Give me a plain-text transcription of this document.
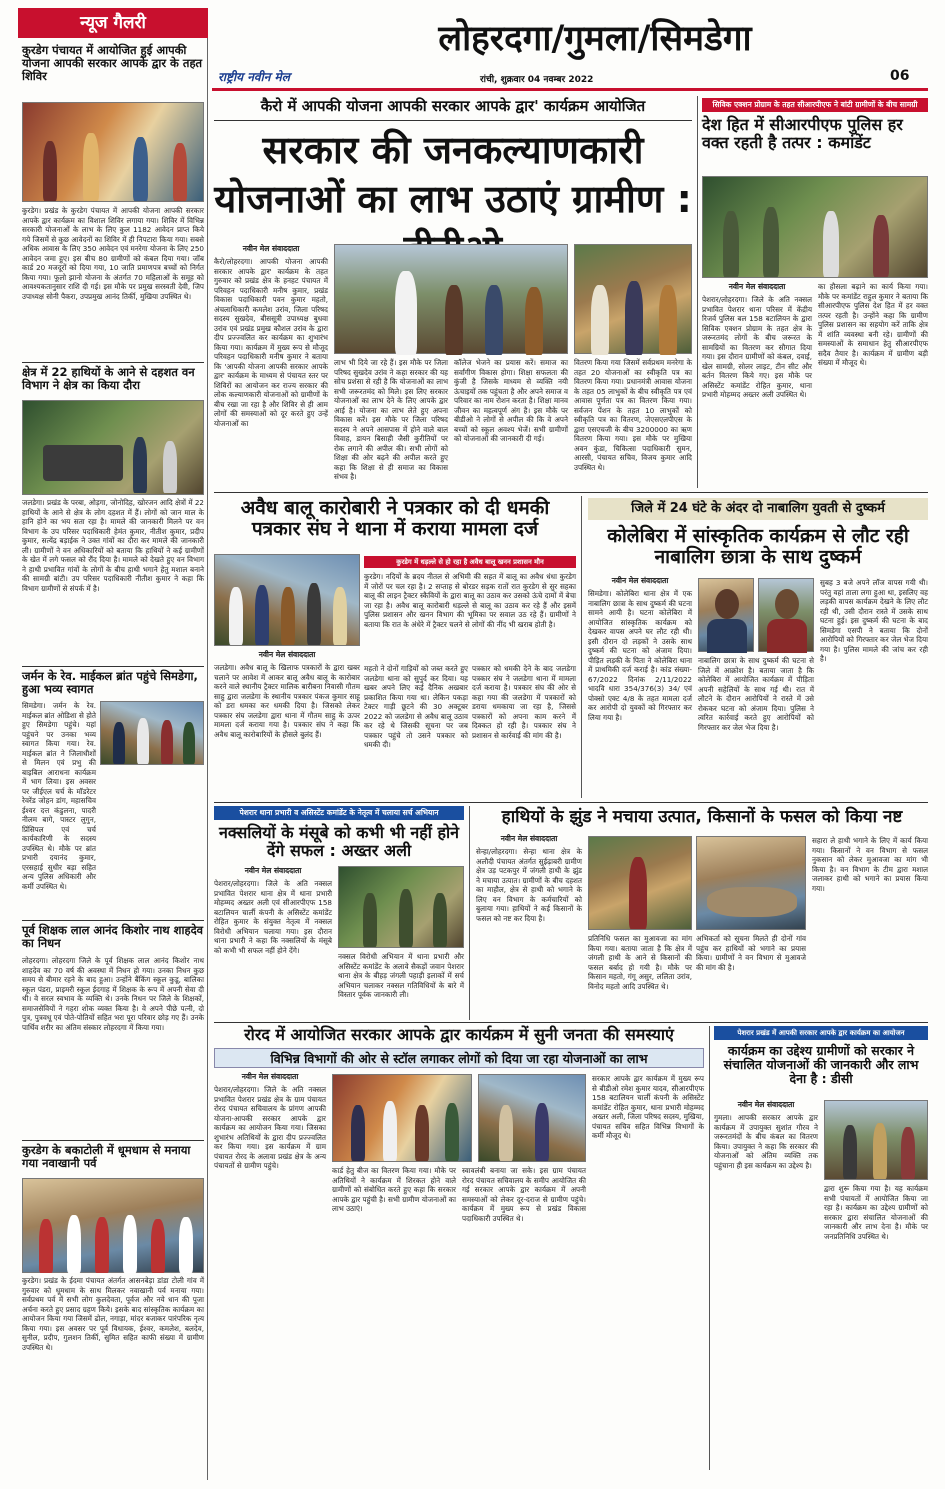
न्यूज गैलरी
कुरडेग पंचायत में आयोजित हुई आपकी योजना आपकी सरकार आपके द्वार के तहत शिविर
कुरडेग। प्रखंड के कुरडेग पंचायत में आपकी योजना आपकी सरकार आपके द्वार कार्यक्रम का विशाल शिविर लगाया गया। शिविर में विभिन्न सरकारी योजनाओं के लाभ के लिए कुल 1182 आवेदन प्राप्त किये गये जिसमें से कुछ आवेदनों का शिविर में ही निपटारा किया गया। सबसे अधिक आवास के लिए 350 आवेदन एवं मनरेगा योजना के लिए 250 आवेदन जमा हुए। इस बीच 80 ग्रामीणों को कंबल दिया गया। जॉब कार्ड 20 मजदूरों को दिया गया, 10 जाति प्रमाणपत्र बच्चों को निर्गत किया गया। फूलो झानो योजना के अंतर्गत 70 महिलाओं के समूह को आवश्यकतानुसार राशि दी गई। इस मौके पर प्रमुख सरस्वती देवी, जिप उपाध्यक्ष सोनी पैकरा, उपप्रमुख आनंद तिर्की, मुखिया उपस्थित थे।
क्षेत्र में 22 हाथियों के आने से दहशत वन विभाग ने क्षेत्र का किया दौरा
जलडेगा। प्रखंड के परबा, ओड़गा, जोनोदिह, खोरजन आदि क्षेत्रों में 22 हाथियों के आने से क्षेत्र के लोग दहशत में हैं। लोगों को जान माल के हानि होने का भय सता रहा है। मामले की जानकारी मिलने पर वन विभाग के उप परिसर पदाधिकारी हेमंत कुमार, नीतीश कुमार, प्रदीप कुमार, सत्येंद्र बड़ाईक ने उक्त गांवों का दौरा कर मामले की जानकारी ली। ग्रामीणों ने वन अधिकारियों को बताया कि हाथियों ने कई ग्रामीणों के खेत में लगे फसल को रौंद दिया है। मामले को देखते हुए वन विभाग ने हाथी प्रभावित गांवों के लोगों के बीच हाथी भगाने हेतु मशाल बनाने की सामग्री बांटी। उप परिसर पदाधिकारी नीतीश कुमार ने कहा कि विभाग ग्रामीणों से संपर्क में है।
जर्मन के रेव. माईकल ब्रांत पहुंचे सिमडेगा, हुआ भव्य स्वागत
सिमडेगा। जर्मन के रेव. माईकल ब्रांत ओडिशा से होते हुए सिमडेगा पहुंचे। यहां पहुंचने पर उनका भव्य स्वागत किया गया। रेव. माईकल ब्रांत ने जिलाधीशों से मिलन एवं प्रभु की बाइबिल आराधना कार्यक्रम में भाग लिया। इस अवसर पर जीईएल चर्च के मॉडरेटर रेवरेंड जोहन डांग, महासचिव ईश्वर दत्त कंडुलना, पादरी नीलम बागे, पास्टर लुगुन, प्रिंसिपल एवं चर्च कार्यकारिणी के सदस्य उपस्थित थे। मौके पर ब्रांत प्रभारी दयानंद कुमार, एरसहाई सुधीर बड़ा सहित अन्य पुलिस अधिकारी और कर्मी उपस्थित थे।
पूर्व शिक्षक लाल आनंद किशोर नाथ शाहदेव का निधन
लोहरदगा। लोहरदगा जिले के पूर्व शिक्षक लाल आनंद किशोर नाथ शाहदेव का 70 वर्ष की अवस्था में निधन हो गया। उनका निधन कुछ समय से बीमार रहने के बाद हुआ। उन्होंने बैंकिंग स्कूल कुडू, बालिका स्कूल पंडरा, प्राइमरी स्कूल ईदगाह में शिक्षक के रूप में अपनी सेवा दी थी। वे सरल स्वभाव के व्यक्ति थे। उनके निधन पर जिले के शिक्षकों, समाजसेवियों ने गहरा शोक व्यक्त किया है। वे अपने पीछे पत्नी, दो पुत्र, पुत्रवधू एवं पोते-पोतियों सहित भरा पूरा परिवार छोड़ गए हैं। उनके पार्थिव शरीर का अंतिम संस्कार लोहरदगा में किया गया।
कुरडेग के बकाटोली में धूमधाम से मनाया गया नवाखानी पर्व
कुरडेग। प्रखंड के ईदमा पंचायत अंतर्गत आसनबेड़ा डांडा टोली गांव में गुरुवार को धूमधाम के साथ मिलकर नवाखानी पर्व मनाया गया। सर्वप्रथम पर्व में सभी लोग कुलदेवता, पूर्वज और नये धान की पूजा अर्चना करते हुए प्रसाद ग्रहण किये। इसके बाद सांस्कृतिक कार्यक्रम का आयोजन किया गया जिसमें ढोल, नगाड़ा, मांदर बजाकर पारंपरिक नृत्य किया गया। इस अवसर पर पूर्व विधायक, ईश्वर, कमलेश, बलदेव, सुनील, प्रदीप, गुलशन तिर्की, सुमित सहित काफी संख्या में ग्रामीण उपस्थित थे।
लोहरदगा/गुमला/सिमडेगा
राष्ट्रीय नवीन मेल	रांची, शुक्रवार 04 नवम्बर 2022	06
कैरो में आपकी योजना आपकी सरकार आपके द्वार' कार्यक्रम आयोजित
सरकार की जनकल्याणकारी योजनाओं का लाभ उठाएं ग्रामीण :
नवीन मेल संवाददाता
कैरो/लोहरदगा। आपकी योजना आपकी सरकार आपके द्वार' कार्यक्रम के तहत गुरुवार को प्रखंड क्षेत्र के हनहट पंचायत में परिवहन पदाधिकारी मनीष कुमार, प्रखंड विकास पदाधिकारी पवन कुमार महतो, अंचलाधिकारी कमलेश उरांव, जिला परिषद सदस्य सुखदेव, बीससूत्री उपाध्यक्ष बुधवा उरांव एवं प्रखंड प्रमुख कौशल उरांव के द्वारा दीप प्रज्ज्वलित कर कार्यक्रम का शुभारंभ किया गया। कार्यक्रम में मुख्य रूप से मौजूद परिवहन पदाधिकारी मनीष कुमार ने बताया कि 'आपकी योजना आपकी सरकार आपके द्वार' कार्यक्रम के माध्यम से पंचायत स्तर पर शिविरों का आयोजन कर राज्य सरकार की लोक कल्याणकारी योजनाओं को ग्रामीणों के बीच रखा जा रहा है और शिविर से ही आम लोगों की समस्याओं को दूर करते हुए उन्हें योजनाओं का
लाभ भी दिये जा रहे हैं। इस मौके पर जिला परिषद सुखदेव उरांव ने कहा सरकार की यह सोच प्रशंसा से रही है कि योजनाओं का लाभ सभी जरूरतमंद को मिले। इस लिए सरकार योजनाओं का लाभ देने के लिए आपके द्वार आई है। योजना का लाभ लेते हुए अपना विकास करें। इस मौके पर जिला परिषद सदस्य ने अपने आसपास में होने वाले बाल विवाह, डायन बिसाही जैसी कुरीतियों पर रोक लगाने की अपील की। सभी लोगों को शिक्षा की ओर बढ़ने की अपील करते हुए कहा कि शिक्षा से ही समाज का विकास संभव है।
कॉलेज भेजने का प्रयास करें। समाज का सर्वांगीण विकास होगा। शिक्षा सफलता की कुंजी है जिसके माध्यम से व्यक्ति नयी ऊंचाइयों तक पहुंचता है और अपने समाज व परिवार का नाम रोशन करता है। शिक्षा मानव जीवन का महत्वपूर्ण अंग है। इस मौके पर बीडीओ ने लोगों से अपील की कि वे अपने बच्चों को स्कूल अवश्य भेजें। सभी ग्रामीणों को योजनाओं की जानकारी दी गई।
वितरण किया गया जिसमें सर्वप्रथम मनरेगा के तहत 20 योजनाओं का स्वीकृति पत्र का वितरण किया गया। प्रधानमंत्री आवास योजना के तहत 05 लाभुकों के बीच स्वीकृति पत्र एवं आवास पूर्णता पत्र का वितरण किया गया। सर्वजन पेंशन के तहत 10 लाभुकों को स्वीकृति पत्र का वितरण, जेएसएलपीएस के द्वारा एसएचजी के बीच 3200000 का ऋण वितरण किया गया। इस मौके पर मुखिया अवन कुंडा, चिकित्सा पदाधिकारी सुमन, आरसी, पंचायत सचिव, विजय कुमार आदि उपस्थित थे।
सिविक एक्शन प्रोग्राम के तहत सीआरपीएफ ने बांटी ग्रामीणों के बीच सामग्री
देश हित में सीआरपीएफ पुलिस हर वक्त रहती है तत्पर : कमांडेंट
नवीन मेल संवाददाता
पेशरार/लोहरदगा। जिले के अति नक्सल प्रभावित पेशरार थाना परिसर में केंद्रीय रिजर्व पुलिस बल 158 बटालियन के द्वारा सिविक एक्शन प्रोग्राम के तहत क्षेत्र के जरूरतमंद लोगों के बीच जरूरत के सामग्रियों का वितरण कर सौगात दिया गया। इस दौरान ग्रामीणों को कंबल, दवाई, खेल सामग्री, सोलर लाइट, टीन सीट और बर्तन वितरण किये गए। इस मौके पर असिस्टेंट कमांडेंट रोहित कुमार, थाना प्रभारी मोहम्मद अख्तर अली उपस्थित थे।
का हौसला बढ़ाने का कार्य किया गया। मौके पर कमांडेंट राहुल कुमार ने बताया कि सीआरपीएफ पुलिस देश हित में हर वक्त तत्पर रहती है। उन्होंने कहा कि ग्रामीण पुलिस प्रशासन का सहयोग करें ताकि क्षेत्र में शांति व्यवस्था बनी रहे। ग्रामीणों की समस्याओं के समाधान हेतु सीआरपीएफ सदैव तैयार है। कार्यक्रम में ग्रामीण बड़ी संख्या में मौजूद थे।
अवैध बालू कारोबारी ने पत्रकार को दी धमकी पत्रकार संघ ने थाना में कराया मामला दर्ज
कुरडेग में धड़ल्ले से हो रहा है अवैध बालू खनन प्रशासन मौन
कुरडेग। नदियों के ब्रदय नीतल से अभिमी की सहत में बालू का अवैध धंधा कुरडेग में जोरों पर चल रहा है। 2 सप्ताह से बोरडर सड़क रातों रात कुरडेग से सुर सहका बालू की लाइन ट्रैक्टर स्कैवियों के द्वारा बालू का उठाव कर उसको ऊंचे दामों में बेचा जा रहा है। अवैध बालू कारोबारी धड़ल्ले से बालू का उठाव कर रहे हैं और इसमें पुलिस प्रशासन और खनन विभाग की भूमिका पर सवाल उठ रहे हैं। ग्रामीणों ने बताया कि रात के अंधेरे में ट्रैक्टर चलने से लोगों की नींद भी खराब होती है।
नवीन मेल संवाददाता
जलडेगा। अवैध बालू के खिलाफ पत्रकारों के द्वारा खबर चलाने पर आवेश में आकर बालू अवैध बालू के कारोबार करने वाले स्थानीय ट्रैक्टर मालिक बारीबना निवासी गौतम साहु द्वारा जलडेगा के स्थानीय पत्रकार पंकज कुमार साहू को डरा धमका कर धमकी दिया है। जिसको लेकर पत्रकार संघ जलडेगा द्वारा थाना में गौतम साहु के ऊपर मामला दर्ज कराया गया है। पत्रकार संघ ने कहा कि अवैध बालू कारोबारियों के हौसले बुलंद हैं।
महतो ने दोनों गाड़ियों को जब्त करते हुए जलडेगा थाना को सुपुर्द कर दिया। यह खबर अपने लिए कई दैनिक अखबार प्रकाशित किया गया था। लेकिन पकड़ा टेक्टर गाड़ी छूटने की 30 अक्टूबर 2022 को जलडेगा से अवैध बालू उठाव कर रहे थे जिसकी सूचना पर जब पत्रकार पहुंचे तो उसने पत्रकार को धमकी दी।
पत्रकार को धमकी देने के बाद जलडेगा पत्रकार संघ ने जलडेगा थाना में मामला दर्ज कराया है। पत्रकार संघ की ओर से कहा गया की जलडेगा में पत्रकारों को डराया धमकाया जा रहा है, जिससे पत्रकारों को अपना काम करने में दिक्कत हो रही है। पत्रकार संघ ने प्रशासन से कार्रवाई की मांग की है।
जिले में 24 घंटे के अंदर दो नाबालिग युवती से दुष्कर्म
कोलेबिरा में सांस्कृतिक कार्यक्रम से लौट रही नाबालिग छात्रा के साथ दुष्कर्म
नवीन मेल संवाददाता
सिमडेगा। कोलेबिरा थाना क्षेत्र में एक नाबालिग छात्रा के साथ दुष्कर्म की घटना सामने आयी है। घटना कोलेबिरा में आयोजित सांस्कृतिक कार्यक्रम को देखकर वापस अपने घर लौट रही थी। इसी दौरान दो लड़कों ने उसके साथ दुष्कर्म की घटना को अंजाम दिया। पीड़ित लड़की के पिता ने कोलेबिरा थाना में प्राथमिकी दर्ज कराई है। कांड संख्या- 67/2022 दिनांक 2/11/2022 भादवि धारा 354/376(3) 34/ एवं पोक्सो एक्ट 4/8 के तहत मामला दर्ज कर आरोपी दो युवकों को गिरफ्तार कर लिया गया है।
नाबालिग छात्रा के साथ दुष्कर्म की घटना से जिले में आक्रोश है। बताया जाता है कि कोलेबिरा में आयोजित कार्यक्रम में पीड़िता अपनी सहेलियों के साथ गई थी। रात में लौटने के दौरान आरोपियों ने रास्ते में उसे रोककर घटना को अंजाम दिया। पुलिस ने त्वरित कार्रवाई करते हुए आरोपियों को गिरफ्तार कर जेल भेज दिया है।
सुबह 3 बजे अपने लॉज वापस गयी थी। परंतु वहां ताला लगा हुआ था, इसलिए वह लड़की वापस कार्यक्रम देखने के लिए लौट रही थी, उसी दौरान रास्ते में उसके साथ घटना हुई। इस दुष्कर्म की घटना के बाद सिमडेगा एसपी ने बताया कि दोनों आरोपियों को गिरफ्तार कर जेल भेज दिया गया है। पुलिस मामले की जांच कर रही है।
पेशरार थाना प्रभारी व असिस्टेंट कमांडेंट के नेतृत्व में चलाया सर्च अभियान
नक्सलियों के मंसूबे को कभी भी नहीं होने देंगे सफल : अख्तर अली
नवीन मेल संवाददाता
पेशरार/लोहरदगा। जिले के अति नक्सल प्रभावित पेशरार थाना क्षेत्र में थाना प्रभारी मोहम्मद अख्तर अली एवं सीआरपीएफ 158 बटालियन चार्ली कंपनी के असिस्टेंट कमांडेंट रोहित कुमार के संयुक्त नेतृत्व में नक्सल विरोधी अभियान चलाया गया। इस दौरान थाना प्रभारी ने कहा कि नक्सलियों के मंसूबे को कभी भी सफल नहीं होने देंगे।
नक्सल विरोधी अभियान में थाना प्रभारी और असिस्टेंट कमांडेंट के अलावे सैकड़ों जवान पेशरार थाना क्षेत्र के बीहड़ जंगली पहाड़ी इलाकों में सर्च अभियान चलाकर नक्सल गतिविधियों के बारे में विस्तार पूर्वक जानकारी ली।
हाथियों के झुंड ने मचाया उत्पात, किसानों के फसल को किया नष्ट
नवीन मेल संवाददाता
सेन्हा/लोहरदगा। सेन्हा थाना क्षेत्र के अलौदी पंचायत अंतर्गत सुईढ़ाबरी ग्रामीण क्षेत्र उड़ पटकपुर में जंगली हाथी के झुंड ने मचाया उत्पात। ग्रामीणों के बीच दहशत का माहौल, क्षेत्र से हाथी को भगाने के लिए वन विभाग के कर्मचारियों को बुलाया गया। हाथियों ने कई किसानों के फसल को नष्ट कर दिया है।
प्रतिनिधि फसल का मुआवजा का मांग किया गया। बताया जाता है कि क्षेत्र में जंगली हाथी के आने से किसानों की फसल बर्बाद हो गयी है। मौके पर किसान महतो, गंगू असुर, ललिता उरांव, विनोद महतो आदि उपस्थित थे।
अभिकर्ता को सूचना मिलते ही दोनों गांव पहुंच कर हाथियों को भगाने का प्रयास किया। ग्रामीणों ने वन विभाग से मुआवजे की मांग की है।
सहारा ले हाथी भगाने के लिए में कार्य किया गया। किसानों ने वन विभाग से फसल नुकसान को लेकर मुआवजा का मांग भी किया है। वन विभाग के टीम द्वारा मशाल जलाकर हाथी को भगाने का प्रयास किया गया।
रोरद में आयोजित सरकार आपके द्वार कार्यक्रम में सुनी जनता की समस्याएं
विभिन्न विभागों की ओर से स्टॉल लगाकर लोगों को दिया जा रहा योजनाओं का लाभ
नवीन मेल संवाददाता
पेशरार/लोहरदगा। जिले के अति नक्सल प्रभावित पेशरार प्रखंड क्षेत्र के ग्राम पंचायत रोरद पंचायत सचिवालय के प्रांगण आपकी योजना-आपकी सरकार आपके द्वार कार्यक्रम का आयोजन किया गया। जिसका शुभारंभ अतिथियों के द्वारा दीप प्रज्ज्वलित कर किया गया। इस कार्यक्रम में ग्राम पंचायत रोरद के अलावा प्रखंड क्षेत्र के अन्य पंचायतों से ग्रामीण पहुंचे।
कार्ड हेतु बीज का वितरण किया गया। मौके पर अतिथियों ने कार्यक्रम में शिरकत होने वाले ग्रामीणों को संबोधित करते हुए कहा कि सरकार आपके द्वार पहुंची है। सभी ग्रामीण योजनाओं का लाभ उठाएं।
स्वावलंबी बनाया जा सके। इस ग्राम पंचायत रोरद पंचायत सचिवालय के समीप आयोजित की गई सरकार आपके द्वार कार्यक्रम में अपनी समस्याओं को लेकर दूर-दराज से ग्रामीण पहुंचे। कार्यक्रम में मुख्य रूप से प्रखंड विकास पदाधिकारी उपस्थित थे।
सरकार आपके द्वार कार्यक्रम में मुख्य रूप से बीडीओ रमेश कुमार यादव, सीआरपीएफ 158 बटालियन चार्ली कंपनी के असिस्टेंट कमांडेंट रोहित कुमार, थाना प्रभारी मोहम्मद अख्तर अली, जिला परिषद सदस्य, मुखिया, पंचायत सचिव सहित विभिन्न विभागों के कर्मी मौजूद थे।
पेशरार प्रखंड में आपकी सरकार आपके द्वार कार्यक्रम का आयोजन
कार्यक्रम का उद्देश्य ग्रामीणों को सरकार ने संचालित योजनाओं की जानकारी और लाभ देना है : डीसी
नवीन मेल संवाददाता
गुमला। आपकी सरकार आपके द्वार कार्यक्रम में उपायुक्त सुशांत गौरव ने जरूरतमंदों के बीच कंबल का वितरण किया। उपायुक्त ने कहा कि सरकार की योजनाओं को अंतिम व्यक्ति तक पहुंचाना ही इस कार्यक्रम का उद्देश्य है।
द्वारा शुरू किया गया है। यह कार्यक्रम सभी पंचायतों में आयोजित किया जा रहा है। कार्यक्रम का उद्देश्य ग्रामीणों को सरकार द्वारा संचालित योजनाओं की जानकारी और लाभ देना है। मौके पर जनप्रतिनिधि उपस्थित थे।
